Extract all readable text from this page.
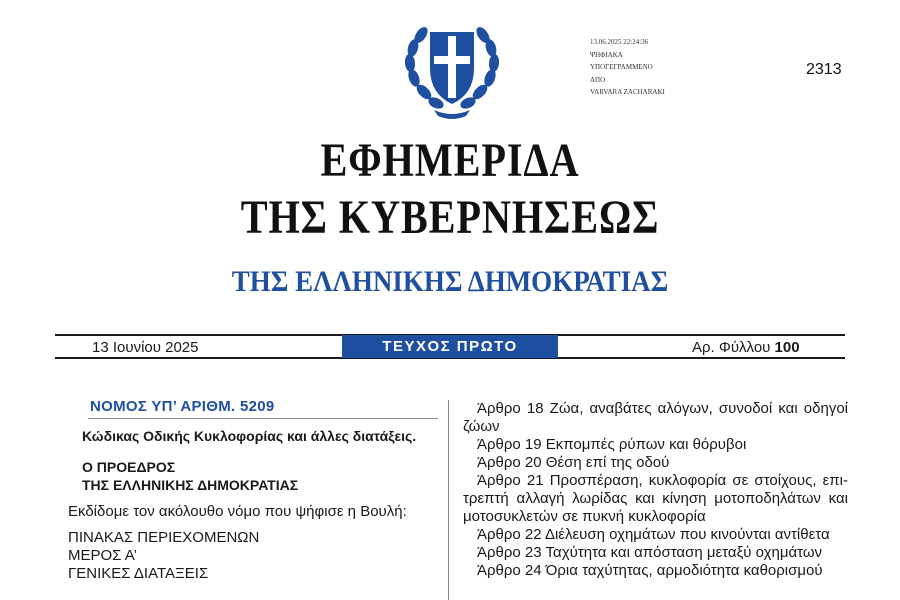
13.06.2025 22:24:36
ΨΗΦΙΑΚΑ
ΥΠΟΓΕΓΡΑΜΜΕΝΟ
ΑΠΟ
VARVARA ZACHARAKI
2313
ΕΦΗΜΕΡΙΔΑ
ΤΗΣ ΚΥΒΕΡΝΗΣΕΩΣ
ΤΗΣ ΕΛΛΗΝΙΚΗΣ ΔΗΜΟΚΡΑΤΙΑΣ
13 Ιουνίου 2025	ΤΕΥΧΟΣ ΠΡΩΤΟ	Αρ. Φύλλου 100
ΝΟΜΟΣ ΥΠ’ ΑΡΙΘΜ. 5209
Κώδικας Οδικής Κυκλοφορίας και άλλες διατάξεις.
Ο ΠΡΟΕΔΡΟΣ
ΤΗΣ ΕΛΛΗΝΙΚΗΣ ΔΗΜΟΚΡΑΤΙΑΣ
Εκδίδομε τον ακόλουθο νόμο που ψήφισε η Βουλή:
ΠΙΝΑΚΑΣ ΠΕΡΙΕΧΟΜΕΝΩΝ
ΜΕΡΟΣ Α’
ΓΕΝΙΚΕΣ ΔΙΑΤΑΞΕΙΣ
Άρθρο 18 Ζώα, αναβάτες αλόγων, συνοδοί και οδηγοί ζώων
Άρθρο 19 Εκπομπές ρύπων και θόρυβοι
Άρθρο 20 Θέση επί της οδού
Άρθρο 21 Προσπέραση, κυκλοφορία σε στοίχους, επιτρεπτή αλλαγή λωρίδας και κίνηση μοτοποδηλάτων και μοτοσυκλετών σε πυκνή κυκλοφορία
Άρθρο 22 Διέλευση οχημάτων που κινούνται αντίθετα
Άρθρο 23 Ταχύτητα και απόσταση μεταξύ οχημάτων
Άρθρο 24 Όρια ταχύτητας, αρμοδιότητα καθορισμού
